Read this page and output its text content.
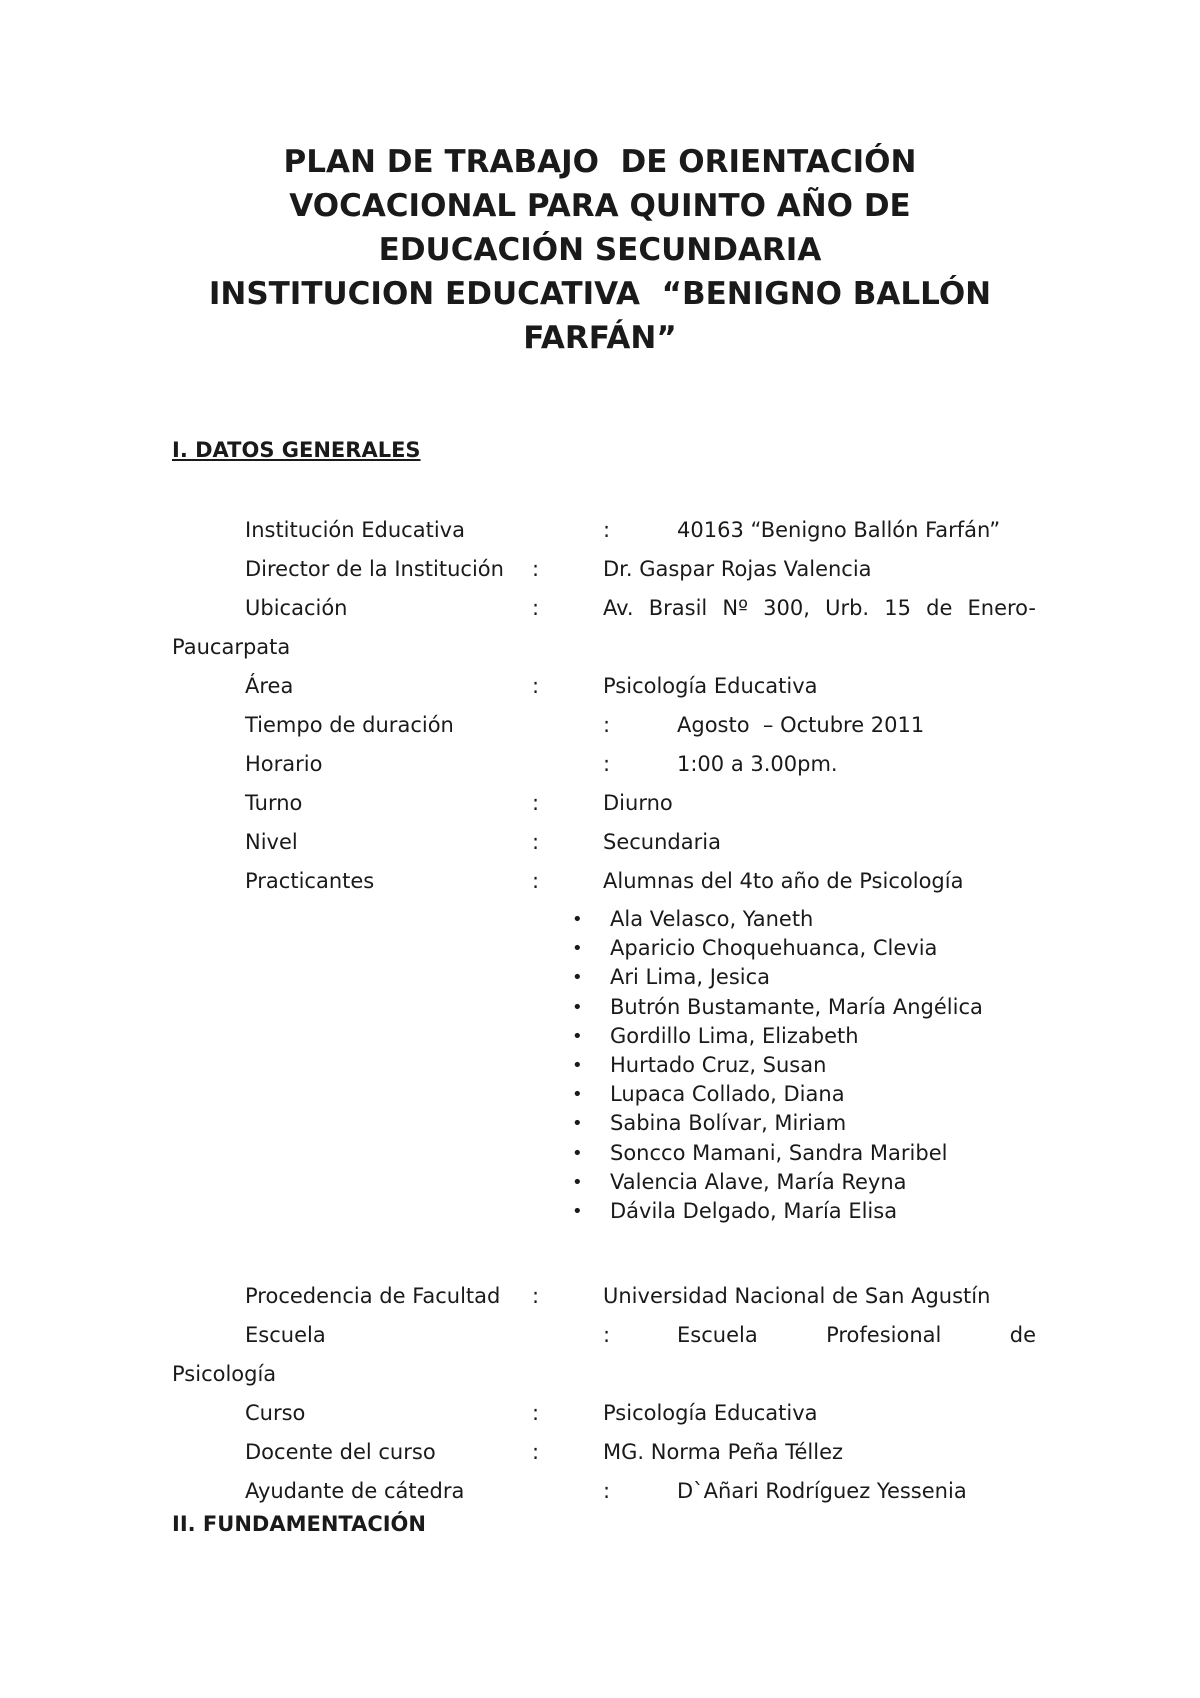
PLAN DE TRABAJO  DE ORIENTACIÓN
VOCACIONAL PARA QUINTO AÑO DE
EDUCACIÓN SECUNDARIA
INSTITUCION EDUCATIVA  “BENIGNO BALLÓN
FARFÁN”
I. DATOS GENERALES
Institución Educativa	:	40163 “Benigno Ballón Farfán”
Director de la Institución :	Dr. Gaspar Rojas Valencia
Ubicación	:	Av. Brasil Nº 300, Urb. 15 de Enero-
Paucarpata
Área	:	Psicología Educativa
Tiempo de duración	:	Agosto  – Octubre 2011
Horario	:	1:00 a 3.00pm.
Turno	:	Diurno
Nivel	:	Secundaria
Practicantes	:	Alumnas del 4to año de Psicología
• Ala Velasco, Yaneth
• Aparicio Choquehuanca, Clevia
• Ari Lima, Jesica
• Butrón Bustamante, María Angélica
• Gordillo Lima, Elizabeth
• Hurtado Cruz, Susan
• Lupaca Collado, Diana
• Sabina Bolívar, Miriam
• Soncco Mamani, Sandra Maribel
• Valencia Alave, María Reyna
• Dávila Delgado, María Elisa
Procedencia de Facultad :	Universidad Nacional de San Agustín
Escuela	:	Escuela	Profesional	de
Psicología
Curso	:	Psicología Educativa
Docente del curso	:	MG. Norma Peña Téllez
Ayudante de cátedra	:	D`Añari Rodríguez Yessenia
II. FUNDAMENTACIÓN
